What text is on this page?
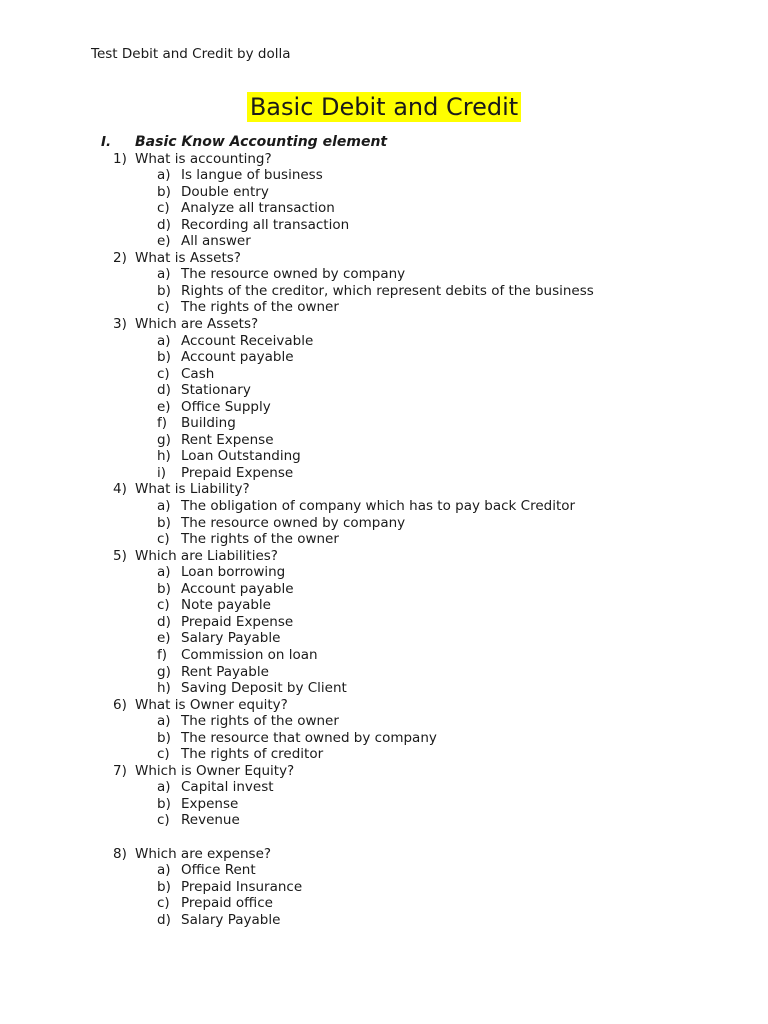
Test Debit and Credit by dolla
Basic Debit and Credit
I. Basic Know Accounting element
1) What is accounting?
a) Is langue of business
b) Double entry
c) Analyze all transaction
d) Recording all transaction
e) All answer
2) What is Assets?
a) The resource owned by company
b) Rights of the creditor, which represent debits of the business
c) The rights of the owner
3) Which are Assets?
a) Account Receivable
b) Account payable
c) Cash
d) Stationary
e) Office Supply
f) Building
g) Rent Expense
h) Loan Outstanding
i) Prepaid Expense
4) What is Liability?
a) The obligation of company which has to pay back Creditor
b) The resource owned by company
c) The rights of the owner
5) Which are Liabilities?
a) Loan borrowing
b) Account payable
c) Note payable
d) Prepaid Expense
e) Salary Payable
f) Commission on loan
g) Rent Payable
h) Saving Deposit by Client
6) What is Owner equity?
a) The rights of the owner
b) The resource that owned by company
c) The rights of creditor
7) Which is Owner Equity?
a) Capital invest
b) Expense
c) Revenue
8) Which are expense?
a) Office Rent
b) Prepaid Insurance
c) Prepaid office
d) Salary Payable
